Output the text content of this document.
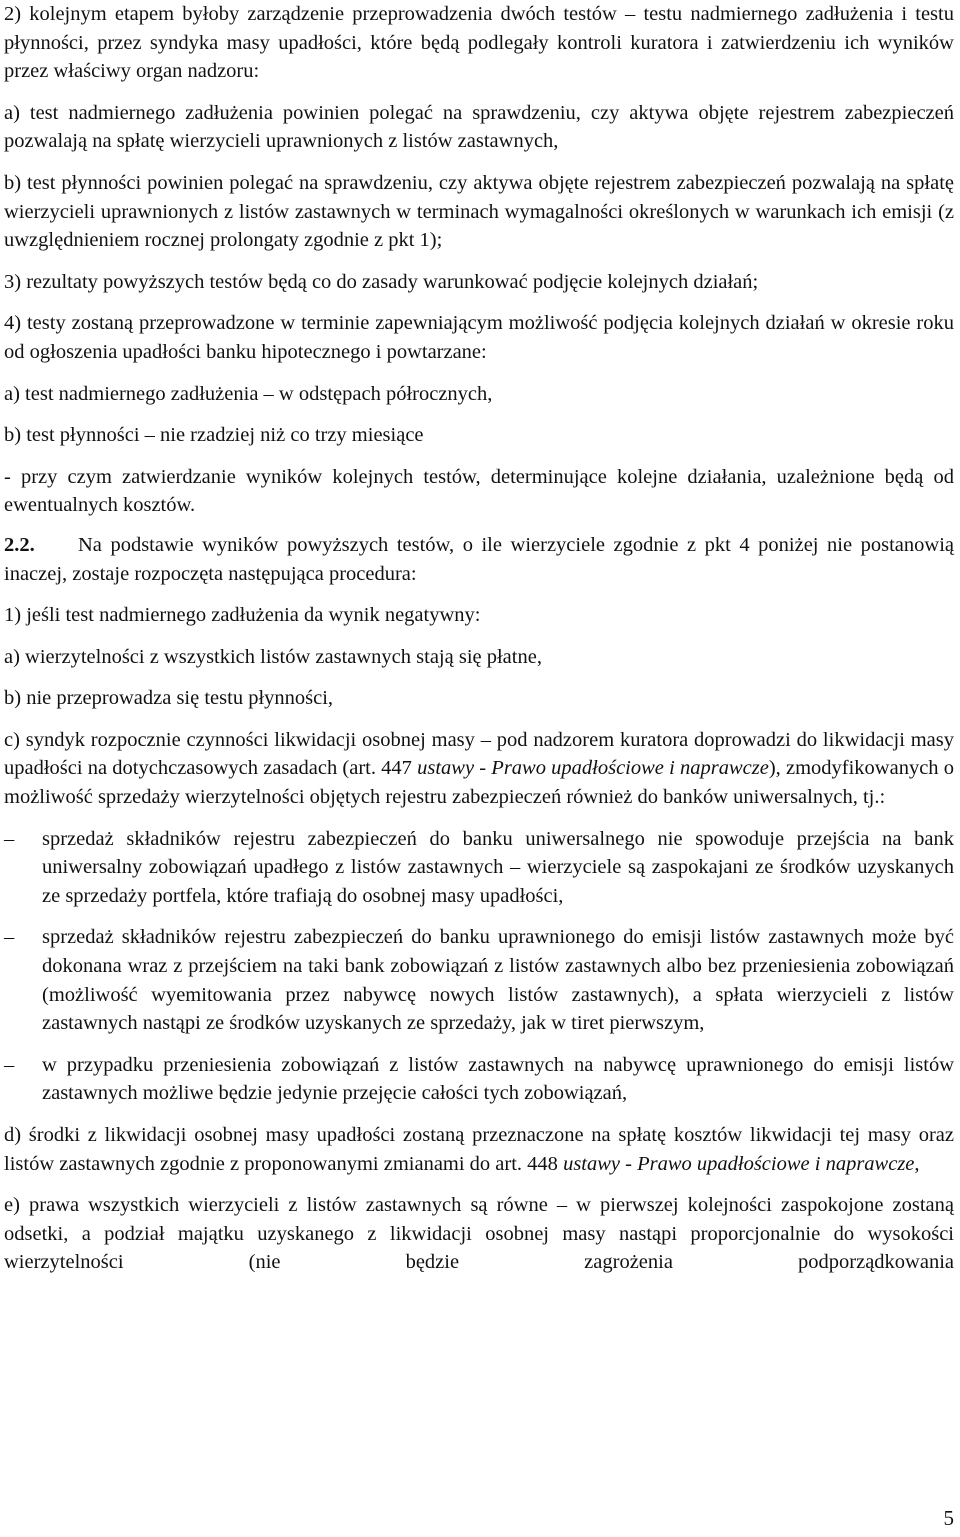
2) kolejnym etapem byłoby zarządzenie przeprowadzenia dwóch testów – testu nadmiernego zadłużenia i testu płynności, przez syndyka masy upadłości, które będą podlegały kontroli kuratora i zatwierdzeniu ich wyników przez właściwy organ nadzoru:

a) test nadmiernego zadłużenia powinien polegać na sprawdzeniu, czy aktywa objęte rejestrem zabezpieczeń pozwalają na spłatę wierzycieli uprawnionych z listów zastawnych,

b) test płynności powinien polegać na sprawdzeniu, czy aktywa objęte rejestrem zabezpieczeń pozwalają na spłatę wierzycieli uprawnionych z listów zastawnych w terminach wymagalności określonych w warunkach ich emisji (z uwzględnieniem rocznej prolongaty zgodnie z pkt 1);

3) rezultaty powyższych testów będą co do zasady warunkować podjęcie kolejnych działań;

4) testy zostaną przeprowadzone w terminie zapewniającym możliwość podjęcia kolejnych działań w okresie roku od ogłoszenia upadłości banku hipotecznego i powtarzane:

a) test nadmiernego zadłużenia – w odstępach półrocznych,

b) test płynności – nie rzadziej niż co trzy miesiące

- przy czym zatwierdzanie wyników kolejnych testów, determinujące kolejne działania, uzależnione będą od ewentualnych kosztów.

2.2. Na podstawie wyników powyższych testów, o ile wierzyciele zgodnie z pkt 4 poniżej nie postanowią inaczej, zostaje rozpoczęta następująca procedura:

1) jeśli test nadmiernego zadłużenia da wynik negatywny:

a) wierzytelności z wszystkich listów zastawnych stają się płatne,

b) nie przeprowadza się testu płynności,

c) syndyk rozpocznie czynności likwidacji osobnej masy – pod nadzorem kuratora doprowadzi do likwidacji masy upadłości na dotychczasowych zasadach (art. 447 ustawy - Prawo upadłościowe i naprawcze), zmodyfikowanych o możliwość sprzedaży wierzytelności objętych rejestru zabezpieczeń również do banków uniwersalnych, tj.:

– sprzedaż składników rejestru zabezpieczeń do banku uniwersalnego nie spowoduje przejścia na bank uniwersalny zobowiązań upadłego z listów zastawnych – wierzyciele są zaspokajani ze środków uzyskanych ze sprzedaży portfela, które trafiają do osobnej masy upadłości,
– sprzedaż składników rejestru zabezpieczeń do banku uprawnionego do emisji listów zastawnych może być dokonana wraz z przejściem na taki bank zobowiązań z listów zastawnych albo bez przeniesienia zobowiązań (możliwość wyemitowania przez nabywcę nowych listów zastawnych), a spłata wierzycieli z listów zastawnych nastąpi ze środków uzyskanych ze sprzedaży, jak w tiret pierwszym,
– w przypadku przeniesienia zobowiązań z listów zastawnych na nabywcę uprawnionego do emisji listów zastawnych możliwe będzie jedynie przejęcie całości tych zobowiązań,

d) środki z likwidacji osobnej masy upadłości zostaną przeznaczone na spłatę kosztów likwidacji tej masy oraz listów zastawnych zgodnie z proponowanymi zmianami do art. 448 ustawy - Prawo upadłościowe i naprawcze,

e) prawa wszystkich wierzycieli z listów zastawnych są równe – w pierwszej kolejności zaspokojone zostaną odsetki, a podział majątku uzyskanego z likwidacji osobnej masy nastąpi proporcjonalnie do wysokości wierzytelności (nie będzie zagrożenia podporządkowania

5
